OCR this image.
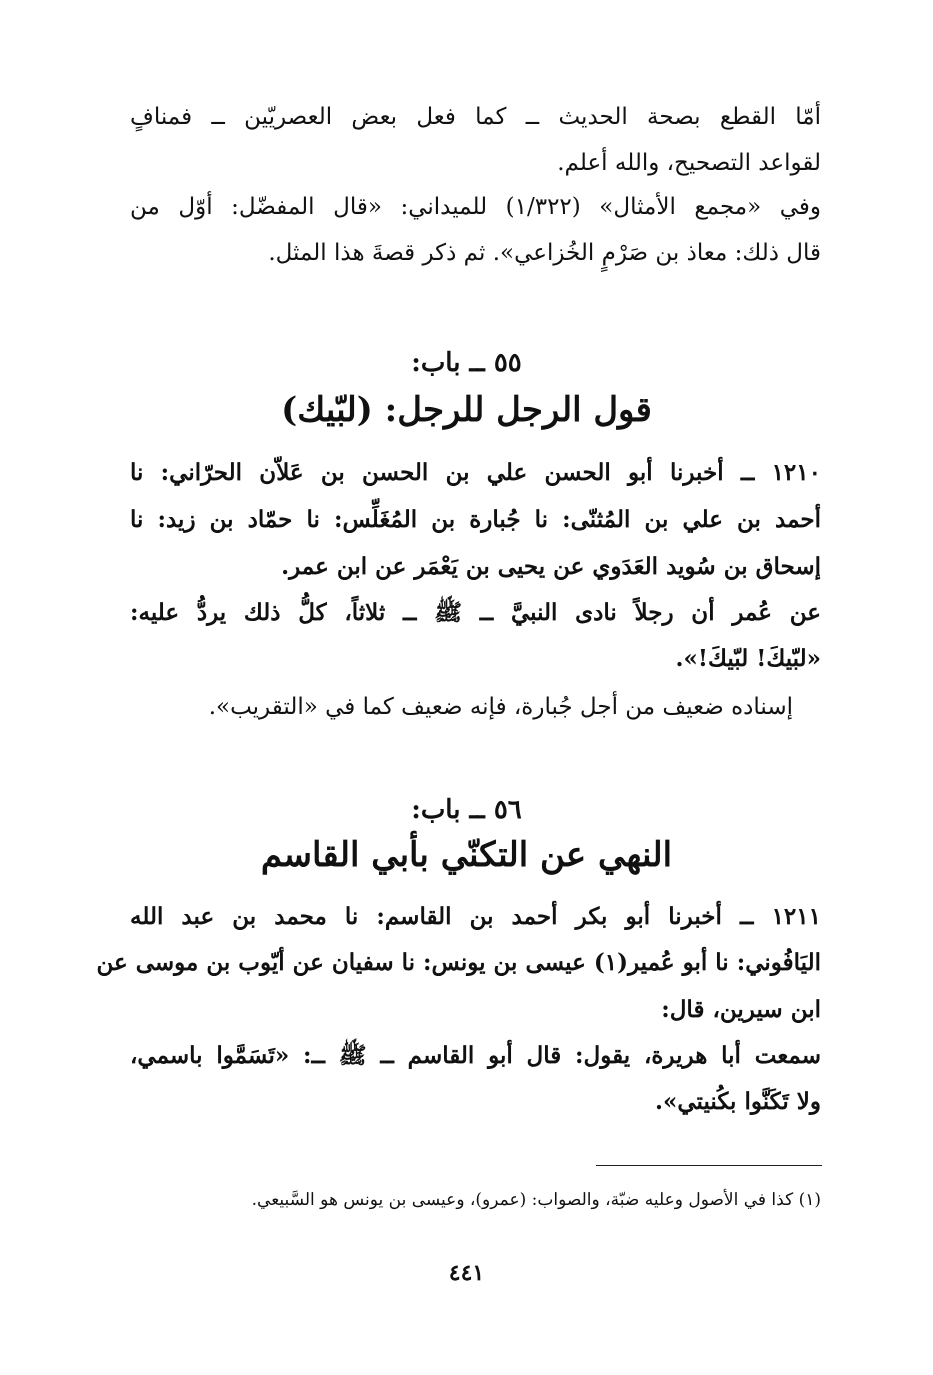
أمّا القطع بصحة الحديث ــ كما فعل بعض العصريّين ــ فمنافٍ
لقواعد التصحيح، والله أعلم.
وفي «مجمع الأمثال» (١/٣٢٢) للميداني: «قال المفضّل: أوّل من
قال ذلك: معاذ بن صَرْمٍ الخُزاعي». ثم ذكر قصةَ هذا المثل.
٥٥ ــ باب:
قول الرجل للرجل: (لبّيك)
١٢١٠ ــ أخبرنا أبو الحسن علي بن الحسن بن عَلاّن الحرّاني: نا
أحمد بن علي بن المُثنّى: نا جُبارة بن المُغَلِّس: نا حمّاد بن زيد: نا
إسحاق بن سُويد العَدَوي عن يحيى بن يَعْمَر عن ابن عمر.
عن عُمر أن رجلاً نادى النبيَّ ــ ﷺ ــ ثلاثاً، كلُّ ذلك يردُّ عليه:
«لبّيكَ! لبّيكَ!».
إسناده ضعيف من أجل جُبارة، فإنه ضعيف كما في «التقريب».
٥٦ ــ باب:
النهي عن التكنّي بأبي القاسم
١٢١١ ــ أخبرنا أبو بكر أحمد بن القاسم: نا محمد بن عبد الله
اليَافُوني: نا أبو عُمير(١) عيسى بن يونس: نا سفيان عن أيّوب بن موسى عن
ابن سيرين، قال:
سمعت أبا هريرة، يقول: قال أبو القاسم ــ ﷺ ــ: «تَسَمَّوا باسمي،
ولا تَكَنَّوا بكُنيتي».
(١) كذا في الأصول وعليه ضبّة، والصواب: (عمرو)، وعيسى بن يونس هو السَّبيعي.
٤٤١
